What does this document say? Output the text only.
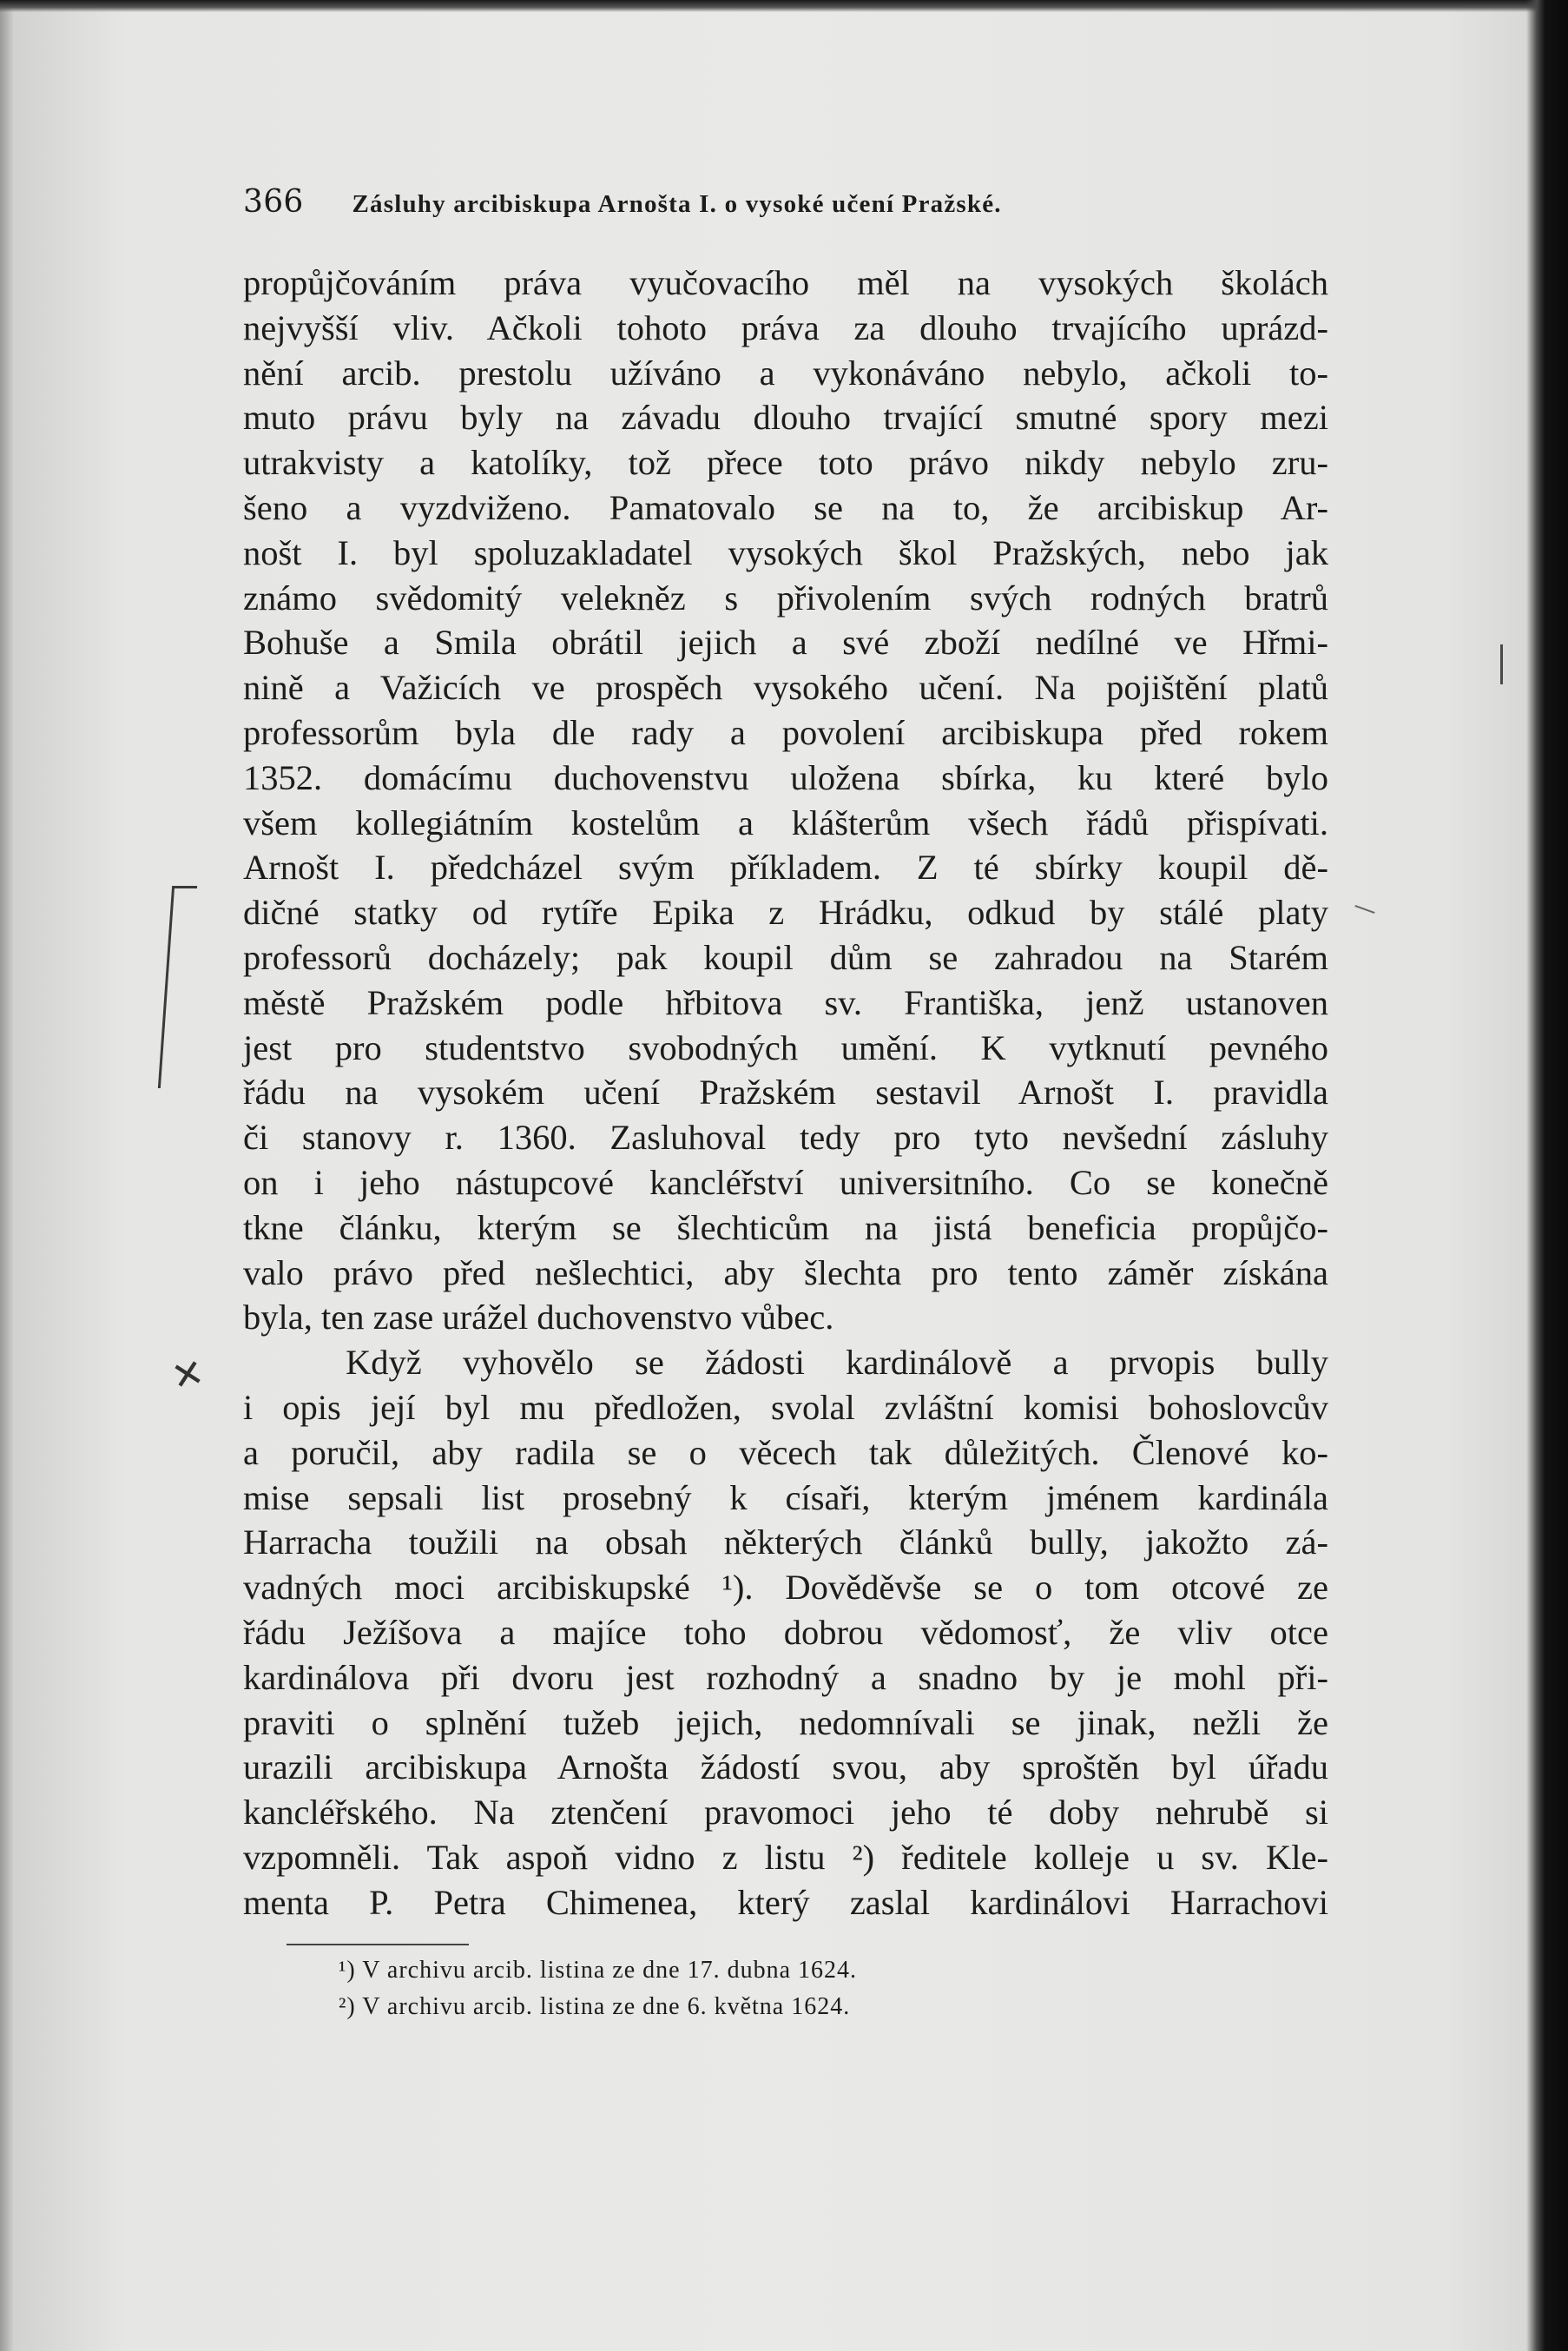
✕
366 Zásluhy arcibiskupa Arnošta I. o vysoké učení Pražské.
propůjčováním práva vyučovacího měl na vysokých školách
nejvyšší vliv. Ačkoli tohoto práva za dlouho trvajícího uprázd-
nění arcib. prestolu užíváno a vykonáváno nebylo, ačkoli to-
muto právu byly na závadu dlouho trvající smutné spory mezi
utrakvisty a katolíky, tož přece toto právo nikdy nebylo zru-
šeno a vyzdviženo. Pamatovalo se na to, že arcibiskup Ar-
nošt I. byl spoluzakladatel vysokých škol Pražských, nebo jak
známo svědomitý velekněz s přivolením svých rodných bratrů
Bohuše a Smila obrátil jejich a své zboží nedílné ve Hřmi-
nině a Važicích ve prospěch vysokého učení. Na pojištění platů
professorům byla dle rady a povolení arcibiskupa před rokem
1352. domácímu duchovenstvu uložena sbírka, ku které bylo
všem kollegiátním kostelům a klášterům všech řádů přispívati.
Arnošt I. předcházel svým příkladem. Z té sbírky koupil dě-
dičné statky od rytíře Epika z Hrádku, odkud by stálé platy
professorů docházely; pak koupil dům se zahradou na Starém
městě Pražském podle hřbitova sv. Františka, jenž ustanoven
jest pro studentstvo svobodných umění. K vytknutí pevného
řádu na vysokém učení Pražském sestavil Arnošt I. pravidla
či stanovy r. 1360. Zasluhoval tedy pro tyto nevšední zásluhy
on i jeho nástupcové kancléřství universitního. Co se konečně
tkne článku, kterým se šlechticům na jistá beneficia propůjčo-
valo právo před nešlechtici, aby šlechta pro tento záměr získána
byla, ten zase urážel duchovenstvo vůbec.
Když vyhovělo se žádosti kardinálově a prvopis bully
i opis její byl mu předložen, svolal zvláštní komisi bohoslovcův
a poručil, aby radila se o věcech tak důležitých. Členové ko-
mise sepsali list prosebný k císaři, kterým jménem kardinála
Harracha toužili na obsah některých článků bully, jakožto zá-
vadných moci arcibiskupské ¹). Dověděvše se o tom otcové ze
řádu Ježíšova a majíce toho dobrou vědomosť, že vliv otce
kardinálova při dvoru jest rozhodný a snadno by je mohl při-
praviti o splnění tužeb jejich, nedomnívali se jinak, nežli že
urazili arcibiskupa Arnošta žádostí svou, aby sproštěn byl úřadu
kancléřského. Na ztenčení pravomoci jeho té doby nehrubě si
vzpomněli. Tak aspoň vidno z listu ²) ředitele kolleje u sv. Kle-
menta P. Petra Chimenea, který zaslal kardinálovi Harrachovi
¹) V archivu arcib. listina ze dne 17. dubna 1624.
²) V archivu arcib. listina ze dne 6. května 1624.
